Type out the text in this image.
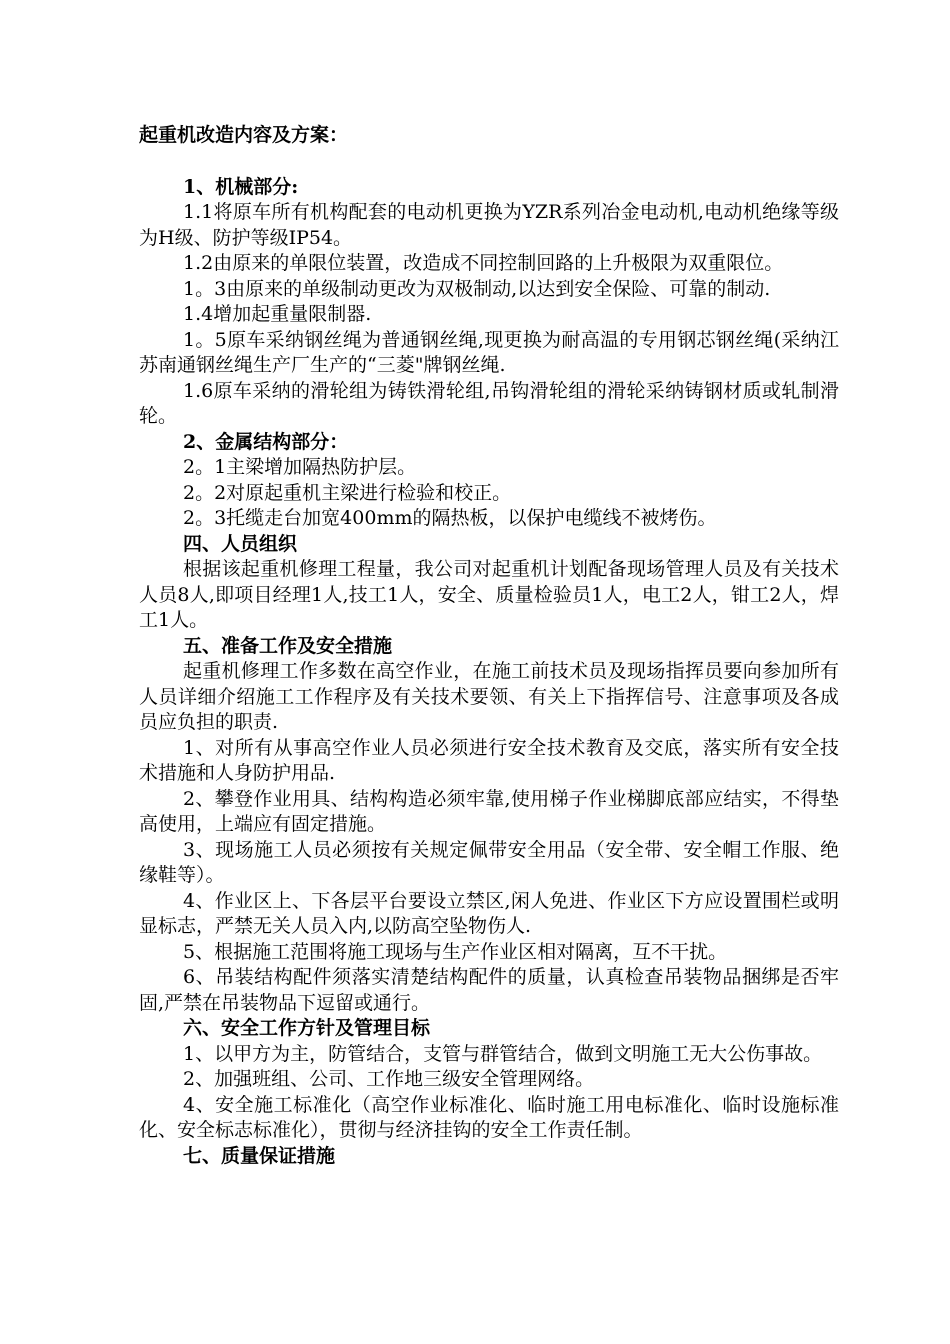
起重机改造内容及方案：

1、机械部分:

1.1将原车所有机构配套的电动机更换为YZR系列冶金电动机,电动机绝缘等级为H级、防护等级IP54。

1.2由原来的单限位装置，改造成不同控制回路的上升极限为双重限位。

1。3由原来的单级制动更改为双极制动,以达到安全保险、可靠的制动.

1.4增加起重量限制器.

1。5原车采纳钢丝绳为普通钢丝绳,现更换为耐高温的专用钢芯钢丝绳(采纳江苏南通钢丝绳生产厂生产的“三菱"牌钢丝绳.

1.6原车采纳的滑轮组为铸铁滑轮组,吊钩滑轮组的滑轮采纳铸钢材质或轧制滑轮。

2、金属结构部分：

2。1主梁增加隔热防护层。

2。2对原起重机主梁进行检验和校正。

2。3托缆走台加宽400mm的隔热板，以保护电缆线不被烤伤。

四、人员组织

根据该起重机修理工程量，我公司对起重机计划配备现场管理人员及有关技术人员8人,即项目经理1人,技工1人，安全、质量检验员1人，电工2人，钳工2人，焊工1人。

五、准备工作及安全措施

起重机修理工作多数在高空作业，在施工前技术员及现场指挥员要向参加所有人员详细介绍施工工作程序及有关技术要领、有关上下指挥信号、注意事项及各成员应负担的职责.

1、对所有从事高空作业人员必须进行安全技术教育及交底，落实所有安全技术措施和人身防护用品.

2、攀登作业用具、结构构造必须牢靠,使用梯子作业梯脚底部应结实，不得垫高使用，上端应有固定措施。

3、现场施工人员必须按有关规定佩带安全用品（安全带、安全帽工作服、绝缘鞋等）。

4、作业区上、下各层平台要设立禁区,闲人免进、作业区下方应设置围栏或明显标志，严禁无关人员入内,以防高空坠物伤人.

5、根据施工范围将施工现场与生产作业区相对隔离，互不干扰。

6、吊装结构配件须落实清楚结构配件的质量，认真检查吊装物品捆绑是否牢固,严禁在吊装物品下逗留或通行。

六、安全工作方针及管理目标

1、以甲方为主，防管结合，支管与群管结合，做到文明施工无大公伤事故。

2、加强班组、公司、工作地三级安全管理网络。

4、安全施工标准化（高空作业标准化、临时施工用电标准化、临时设施标准化、安全标志标准化），贯彻与经济挂钩的安全工作责任制。

七、质量保证措施
